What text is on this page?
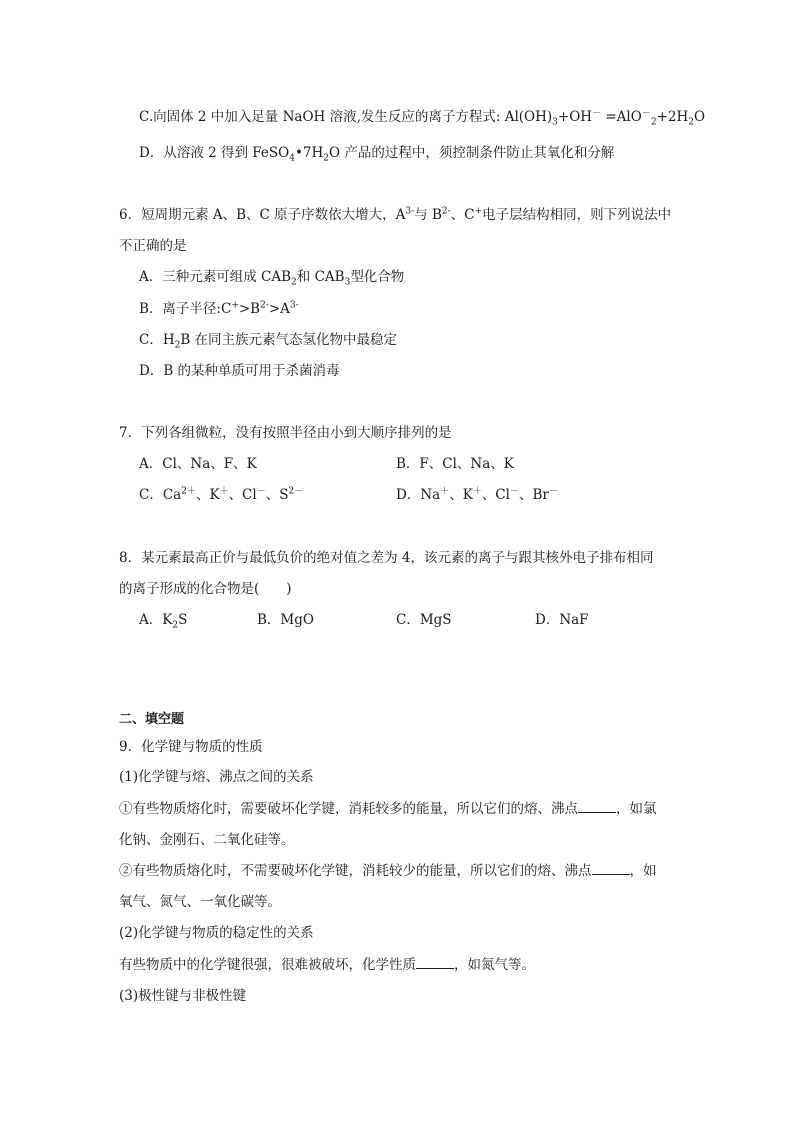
C.向固体 2 中加入足量 NaOH 溶液,发生反应的离子方程式: $Al(OH)_3+OH^- =AlO^-_2+2H_2O$
D．从溶液 2 得到 $FeSO_4•7H_2O$ 产品的过程中，须控制条件防止其氧化和分解
6．短周期元素 A、B、C 原子序数依大增大，$A^{3-}$与 $B^{2-}$、C+电子层结构相同，则下列说法中
不正确的是
A．三种元素可组成 $CAB_2$和 $CAB_3$型化合物
B．离子半径$:C^+>B^{2-}>A^{3-}$
C．$H_2B$ 在同主族元素气态氢化物中最稳定
D．B 的某种单质可用于杀菌消毒
7．下列各组微粒，没有按照半径由小到大顺序排列的是
A．Cl、Na、F、K	B．F、Cl、Na、K
C．$Ca^{2+}$、K＋、Cl－、$S^{2-}$	D．Na＋、K＋、Cl－、Br－
8．某元素最高正价与最低负价的绝对值之差为 4，该元素的离子与跟其核外电子排布相同
的离子形成的化合物是(　　)
A．$K_2S$	B．MgO	C．MgS	D．NaF
二、填空题
9．化学键与物质的性质
(1)化学键与熔、沸点之间的关系
①有些物质熔化时，需要破坏化学键，消耗较多的能量，所以它们的熔、沸点	，如氯
化钠、金刚石、二氧化硅等。
②有些物质熔化时，不需要破坏化学键，消耗较少的能量，所以它们的熔、沸点	，如
氧气、氮气、一氧化碳等。
(2)化学键与物质的稳定性的关系
有些物质中的化学键很强，很难被破坏，化学性质	，如氮气等。
(3)极性键与非极性键
